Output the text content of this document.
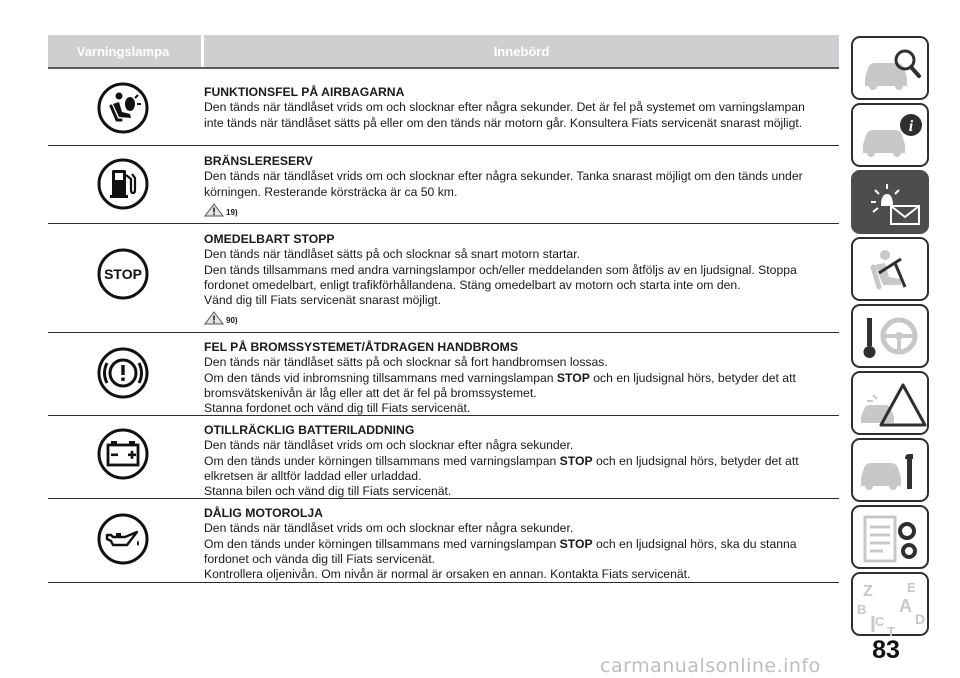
Varningslampa	Innebörd
FUNKTIONSFEL PÅ AIRBAGARNA
Den tänds när tändlåset vrids om och slocknar efter några sekunder. Det är fel på systemet om varningslampan
inte tänds när tändlåset sätts på eller om den tänds när motorn går. Konsultera Fiats servicenät snarast möjligt.
BRÄNSLERESERV
Den tänds när tändlåset vrids om och slocknar efter några sekunder. Tanka snarast möjligt om den tänds under
körningen. Resterande körsträcka är ca 50 km.
19)
STOP
OMEDELBART STOPP
Den tänds när tändlåset sätts på och slocknar så snart motorn startar.
Den tänds tillsammans med andra varningslampor och/eller meddelanden som åtföljs av en ljudsignal. Stoppa
fordonet omedelbart, enligt trafikförhållandena. Stäng omedelbart av motorn och starta inte om den.
Vänd dig till Fiats servicenät snarast möjligt.
90)
FEL PÅ BROMSSYSTEMET/ÅTDRAGEN HANDBROMS
Den tänds när tändlåset sätts på och slocknar så fort handbromsen lossas.
Om den tänds vid inbromsning tillsammans med varningslampan STOP och en ljudsignal hörs, betyder det att
bromsvätskenivån är låg eller att det är fel på bromssystemet.
Stanna fordonet och vänd dig till Fiats servicenät.
OTILLRÄCKLIG BATTERILADDNING
Den tänds när tändlåset vrids om och slocknar efter några sekunder.
Om den tänds under körningen tillsammans med varningslampan STOP och en ljudsignal hörs, betyder det att
elkretsen är alltför laddad eller urladdad.
Stanna bilen och vänd dig till Fiats servicenät.
DÅLIG MOTOROLJA
Den tänds när tändlåset vrids om och slocknar efter några sekunder.
Om den tänds under körningen tillsammans med varningslampan STOP och en ljudsignal hörs, ska du stanna
fordonet och vända dig till Fiats servicenät.
Kontrollera oljenivån. Om nivån är normal är orsaken en annan. Kontakta Fiats servicenät.
i
Z	E
A
B
C D
T
83
carmanualsonline.info
